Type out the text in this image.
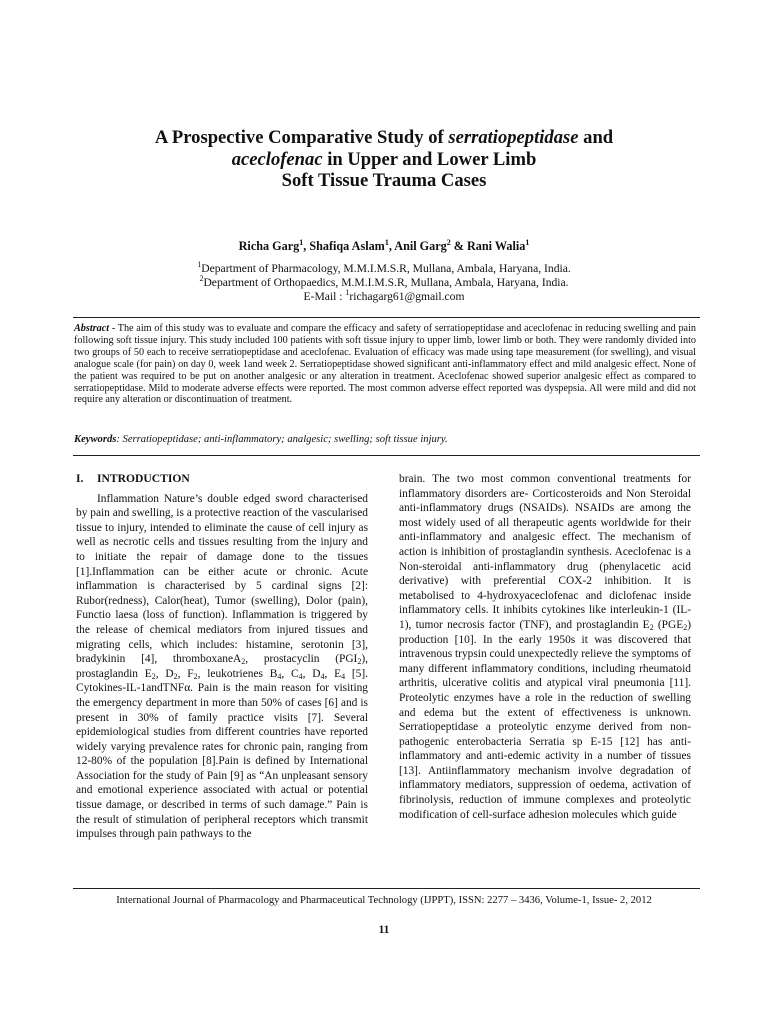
A Prospective Comparative Study of serratiopeptidase and
aceclofenac in Upper and Lower Limb
Soft Tissue Trauma Cases
Richa Garg$^1$, Shafiqa Aslam$^1$, Anil Garg$^2$ & Rani Walia$^1$
$^1$Department of Pharmacology, M.M.I.M.S.R, Mullana, Ambala, Haryana, India.
$^2$Department of Orthopaedics, M.M.I.M.S.R, Mullana, Ambala, Haryana, India.
E-Mail : $^1$richagarg61@gmail.com
Abstract - The aim of this study was to evaluate and compare the efficacy and safety of serratiopeptidase and aceclofenac in reducing swelling and pain following soft tissue injury. This study included 100 patients with soft tissue injury to upper limb, lower limb or both. They were randomly divided into two groups of 50 each to receive serratiopeptidase and aceclofenac. Evaluation of efficacy was made using tape measurement (for swelling), and visual analogue scale (for pain) on day 0, week 1and week 2. Serratiopeptidase showed significant anti-inflammatory effect and mild analgesic effect. None of the patient was required to be put on another analgesic or any alteration in treatment. Aceclofenac showed superior analgesic effect as compared to serratiopeptidase. Mild to moderate adverse effects were reported. The most common adverse effect reported was dyspepsia. All were mild and did not require any alteration or discontinuation of treatment.
Keywords: Serratiopeptidase; anti-inflammatory; analgesic; swelling; soft tissue injury.
I. INTRODUCTION

Inflammation Nature’s double edged sword characterised by pain and swelling, is a protective reaction of the vascularised tissue to injury, intended to eliminate the cause of cell injury as well as necrotic cells and tissues resulting from the injury and to initiate the repair of damage done to the tissues [1].Inflammation can be either acute or chronic. Acute inflammation is characterised by 5 cardinal signs [2]: Rubor(redness), Calor(heat), Tumor (swelling), Dolor (pain), Functio laesa (loss of function). Inflammation is triggered by the release of chemical mediators from injured tissues and migrating cells, which includes: histamine, serotonin [3], bradykinin [4], thromboxaneA$_2$, prostacyclin $(PGI_2)$, prostaglandin $E_2$, $D_2$, $F_2$, leukotrienes $B_4$, $C_4$, $D_4$, $E_4$ [5]. Cytokines-IL-1andTNFα. Pain is the main reason for visiting the emergency department in more than 50% of cases [6] and is present in 30% of family practice visits [7]. Several epidemiological studies from different countries have reported widely varying prevalence rates for chronic pain, ranging from 12-80% of the population [8].Pain is defined by International Association for the study of Pain [9] as “An unpleasant sensory and emotional experience associated with actual or potential tissue damage, or described in terms of such damage.” Pain is the result of stimulation of peripheral receptors which transmit impulses through pain pathways to the

brain. The two most common conventional treatments for inflammatory disorders are- Corticosteroids and Non Steroidal anti-inflammatory drugs (NSAIDs). NSAIDs are among the most widely used of all therapeutic agents worldwide for their anti-inflammatory and analgesic effect. The mechanism of action is inhibition of prostaglandin synthesis. Aceclofenac is a Non-steroidal anti-inflammatory drug (phenylacetic acid derivative) with preferential COX-2 inhibition. It is metabolised to 4-hydroxyaceclofenac and diclofenac inside inflammatory cells. It inhibits cytokines like interleukin-1 (IL-1), tumor necrosis factor (TNF), and prostaglandin $E_2$ $(PGE_2)$ production [10]. In the early 1950s it was discovered that intravenous trypsin could unexpectedly relieve the symptoms of many different inflammatory conditions, including rheumatoid arthritis, ulcerative colitis and atypical viral pneumonia [11]. Proteolytic enzymes have a role in the reduction of swelling and edema but the extent of effectiveness is unknown. Serratiopeptidase a proteolytic enzyme derived from non-pathogenic enterobacteria Serratia sp E-15 [12] has anti-inflammatory and anti-edemic activity in a number of tissues [13]. Antiinflammatory mechanism involve degradation of inflammatory mediators, suppression of oedema, activation of fibrinolysis, reduction of immune complexes and proteolytic modification of cell-surface adhesion molecules which guide

International Journal of Pharmacology and Pharmaceutical Technology (IJPPT), ISSN: 2277 – 3436, Volume-1, Issue- 2, 2012
11
